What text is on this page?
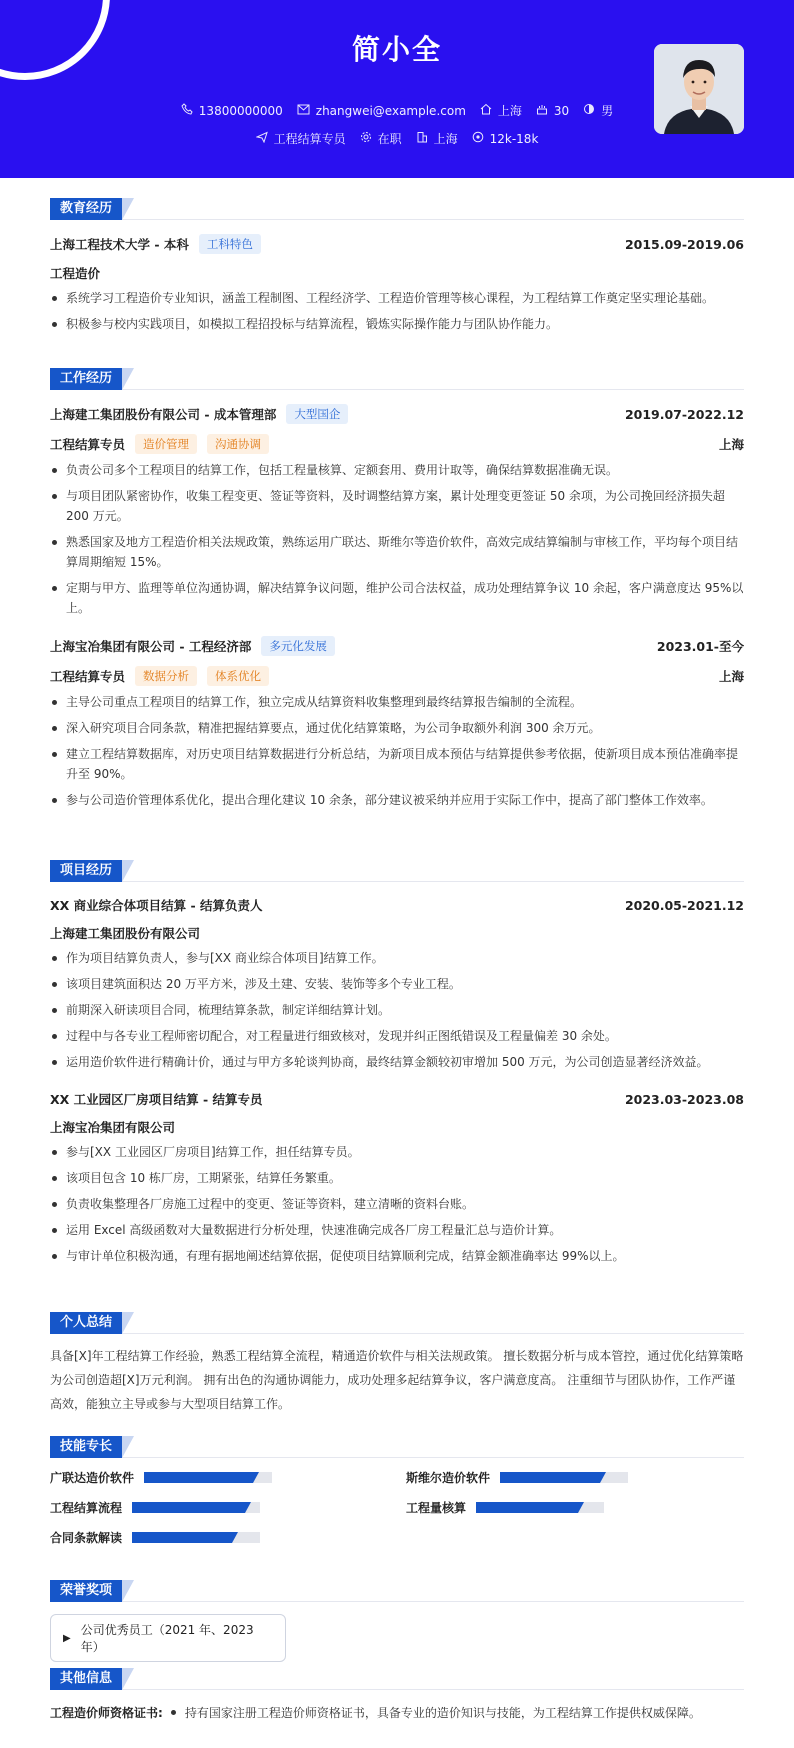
简小全
13800000000	zhangwei@example.com	上海	30	男
工程结算专员	在职	上海	12k-18k
教育经历
上海工程技术大学 - 本科	工科特色	2015.09-2019.06
工程造价
系统学习工程造价专业知识，涵盖工程制图、工程经济学、工程造价管理等核心课程，为工程结算工作奠定坚实理论基础。
积极参与校内实践项目，如模拟工程招投标与结算流程，锻炼实际操作能力与团队协作能力。
工作经历
上海建工集团股份有限公司 - 成本管理部	大型国企	2019.07-2022.12
工程结算专员	造价管理	沟通协调	上海
负责公司多个工程项目的结算工作，包括工程量核算、定额套用、费用计取等，确保结算数据准确无误。
与项目团队紧密协作，收集工程变更、签证等资料，及时调整结算方案，累计处理变更签证 50 余项，为公司挽回经济损失超 200 万元。
熟悉国家及地方工程造价相关法规政策，熟练运用广联达、斯维尔等造价软件，高效完成结算编制与审核工作，平均每个项目结算周期缩短 15%。
定期与甲方、监理等单位沟通协调，解决结算争议问题，维护公司合法权益，成功处理结算争议 10 余起，客户满意度达 95%以上。
上海宝冶集团有限公司 - 工程经济部	多元化发展	2023.01-至今
工程结算专员	数据分析	体系优化	上海
主导公司重点工程项目的结算工作，独立完成从结算资料收集整理到最终结算报告编制的全流程。
深入研究项目合同条款，精准把握结算要点，通过优化结算策略，为公司争取额外利润 300 余万元。
建立工程结算数据库，对历史项目结算数据进行分析总结，为新项目成本预估与结算提供参考依据，使新项目成本预估准确率提升至 90%。
参与公司造价管理体系优化，提出合理化建议 10 余条，部分建议被采纳并应用于实际工作中，提高了部门整体工作效率。
项目经历
XX 商业综合体项目结算 - 结算负责人	2020.05-2021.12
上海建工集团股份有限公司
作为项目结算负责人，参与[XX 商业综合体项目]结算工作。
该项目建筑面积达 20 万平方米，涉及土建、安装、装饰等多个专业工程。
前期深入研读项目合同，梳理结算条款，制定详细结算计划。
过程中与各专业工程师密切配合，对工程量进行细致核对，发现并纠正图纸错误及工程量偏差 30 余处。
运用造价软件进行精确计价，通过与甲方多轮谈判协商，最终结算金额较初审增加 500 万元，为公司创造显著经济效益。
XX 工业园区厂房项目结算 - 结算专员	2023.03-2023.08
上海宝冶集团有限公司
参与[XX 工业园区厂房项目]结算工作，担任结算专员。
该项目包含 10 栋厂房，工期紧张，结算任务繁重。
负责收集整理各厂房施工过程中的变更、签证等资料，建立清晰的资料台账。
运用 Excel 高级函数对大量数据进行分析处理，快速准确完成各厂房工程量汇总与造价计算。
与审计单位积极沟通，有理有据地阐述结算依据，促使项目结算顺利完成，结算金额准确率达 99%以上。
个人总结
具备[X]年工程结算工作经验，熟悉工程结算全流程，精通造价软件与相关法规政策。 擅长数据分析与成本管控，通过优化结算策略为公司创造超[X]万元利润。 拥有出色的沟通协调能力，成功处理多起结算争议，客户满意度高。 注重细节与团队协作，工作严谨高效，能独立主导或参与大型项目结算工作。
技能专长
广联达造价软件	斯维尔造价软件
工程结算流程	工程量核算
合同条款解读
荣誉奖项
▶
公司优秀员工（2021 年、2023 年）
其他信息
工程造价师资格证书:	持有国家注册工程造价师资格证书，具备专业的造价知识与技能，为工程结算工作提供权威保障。
